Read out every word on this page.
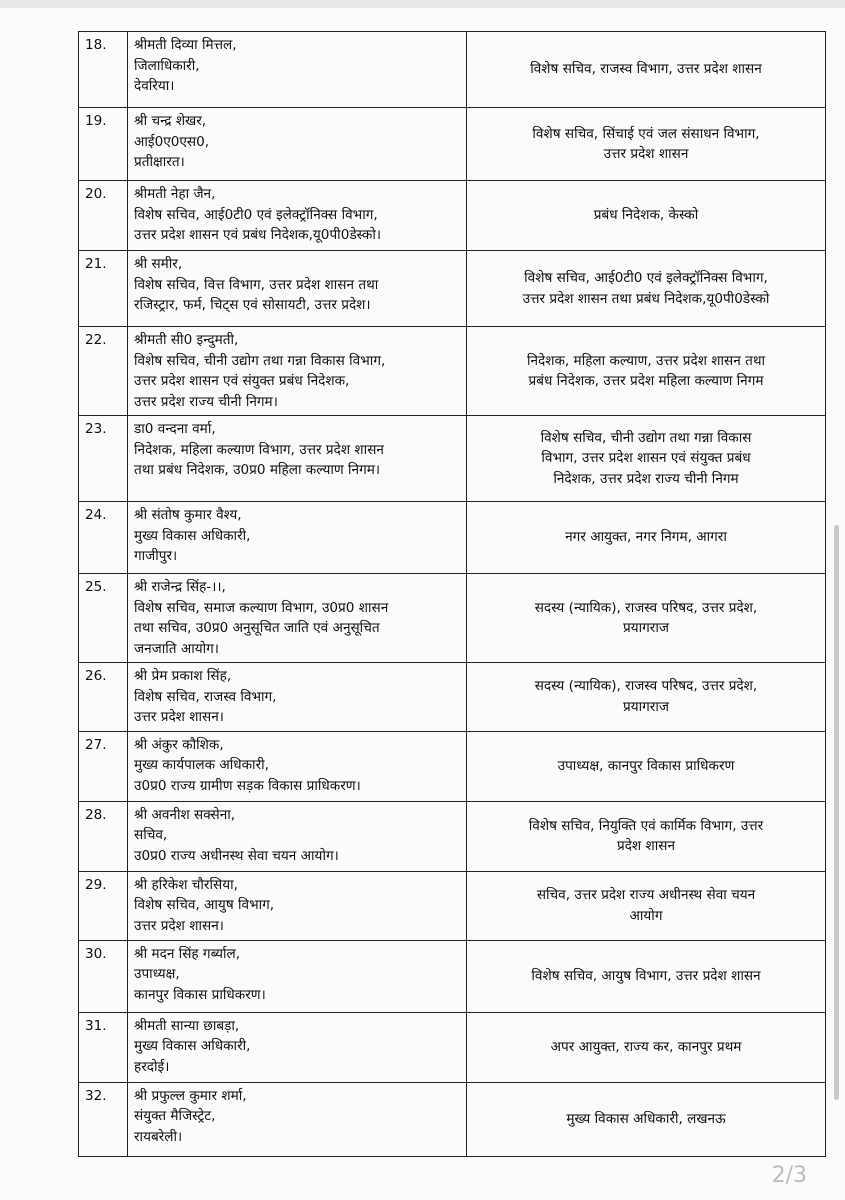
18.	श्रीमती दिव्या मित्तल,
जिलाधिकारी,
देवरिया।	विशेष सचिव, राजस्व विभाग, उत्तर प्रदेश शासन

19.	श्री चन्द्र शेखर,
आई0ए0एस0,
प्रतीक्षारत।	विशेष सचिव, सिंचाई एवं जल संसाधन विभाग,
उत्तर प्रदेश शासन

20.	श्रीमती नेहा जैन,
विशेष सचिव, आई0टी0 एवं इलेक्ट्रॉनिक्स विभाग,
उत्तर प्रदेश शासन एवं प्रबंध निदेशक,यू0पी0डेस्को।	प्रबंध निदेशक, केस्को

21.	श्री समीर,
विशेष सचिव, वित्त विभाग, उत्तर प्रदेश शासन तथा
रजिस्ट्रार, फर्म, चिट्स एवं सोसायटी, उत्तर प्रदेश।	विशेष सचिव, आई0टी0 एवं इलेक्ट्रॉनिक्स विभाग,
उत्तर प्रदेश शासन तथा प्रबंध निदेशक,यू0पी0डेस्को

22.	श्रीमती सी0 इन्दुमती,
विशेष सचिव, चीनी उद्योग तथा गन्ना विकास विभाग,
उत्तर प्रदेश शासन एवं संयुक्त प्रबंध निदेशक,
उत्तर प्रदेश राज्य चीनी निगम।	निदेशक, महिला कल्याण, उत्तर प्रदेश शासन तथा
प्रबंध निदेशक, उत्तर प्रदेश महिला कल्याण निगम

23.	डा0 वन्दना वर्मा,
निदेशक, महिला कल्याण विभाग, उत्तर प्रदेश शासन
तथा प्रबंध निदेशक, उ0प्र0 महिला कल्याण निगम।	विशेष सचिव, चीनी उद्योग तथा गन्ना विकास
विभाग, उत्तर प्रदेश शासन एवं संयुक्त प्रबंध
निदेशक, उत्तर प्रदेश राज्य चीनी निगम

24.	श्री संतोष कुमार वैश्य,
मुख्य विकास अधिकारी,
गाजीपुर।	नगर आयुक्त, नगर निगम, आगरा

25.	श्री राजेन्द्र सिंह-।।,
विशेष सचिव, समाज कल्याण विभाग, उ0प्र0 शासन
तथा सचिव, उ0प्र0 अनुसूचित जाति एवं अनुसूचित
जनजाति आयोग।	सदस्य (न्यायिक), राजस्व परिषद, उत्तर प्रदेश,
प्रयागराज

26.	श्री प्रेम प्रकाश सिंह,
विशेष सचिव, राजस्व विभाग,
उत्तर प्रदेश शासन।	सदस्य (न्यायिक), राजस्व परिषद, उत्तर प्रदेश,
प्रयागराज

27.	श्री अंकुर कौशिक,
मुख्य कार्यपालक अधिकारी,
उ0प्र0 राज्य ग्रामीण सड़क विकास प्राधिकरण।	उपाध्यक्ष, कानपुर विकास प्राधिकरण

28.	श्री अवनीश सक्सेना,
सचिव,
उ0प्र0 राज्य अधीनस्थ सेवा चयन आयोग।	विशेष सचिव, नियुक्ति एवं कार्मिक विभाग, उत्तर
प्रदेश शासन

29.	श्री हरिकेश चौरसिया,
विशेष सचिव, आयुष विभाग,
उत्तर प्रदेश शासन।	सचिव, उत्तर प्रदेश राज्य अधीनस्थ सेवा चयन
आयोग

30.	श्री मदन सिंह गर्ब्याल,
उपाध्यक्ष,
कानपुर विकास प्राधिकरण।	विशेष सचिव, आयुष विभाग, उत्तर प्रदेश शासन

31.	श्रीमती सान्या छाबड़ा,
मुख्य विकास अधिकारी,
हरदोई।	अपर आयुक्त, राज्य कर, कानपुर प्रथम

32.	श्री प्रफुल्ल कुमार शर्मा,
संयुक्त मैजिस्ट्रेट,
रायबरेली।	मुख्य विकास अधिकारी, लखनऊ
2/3
